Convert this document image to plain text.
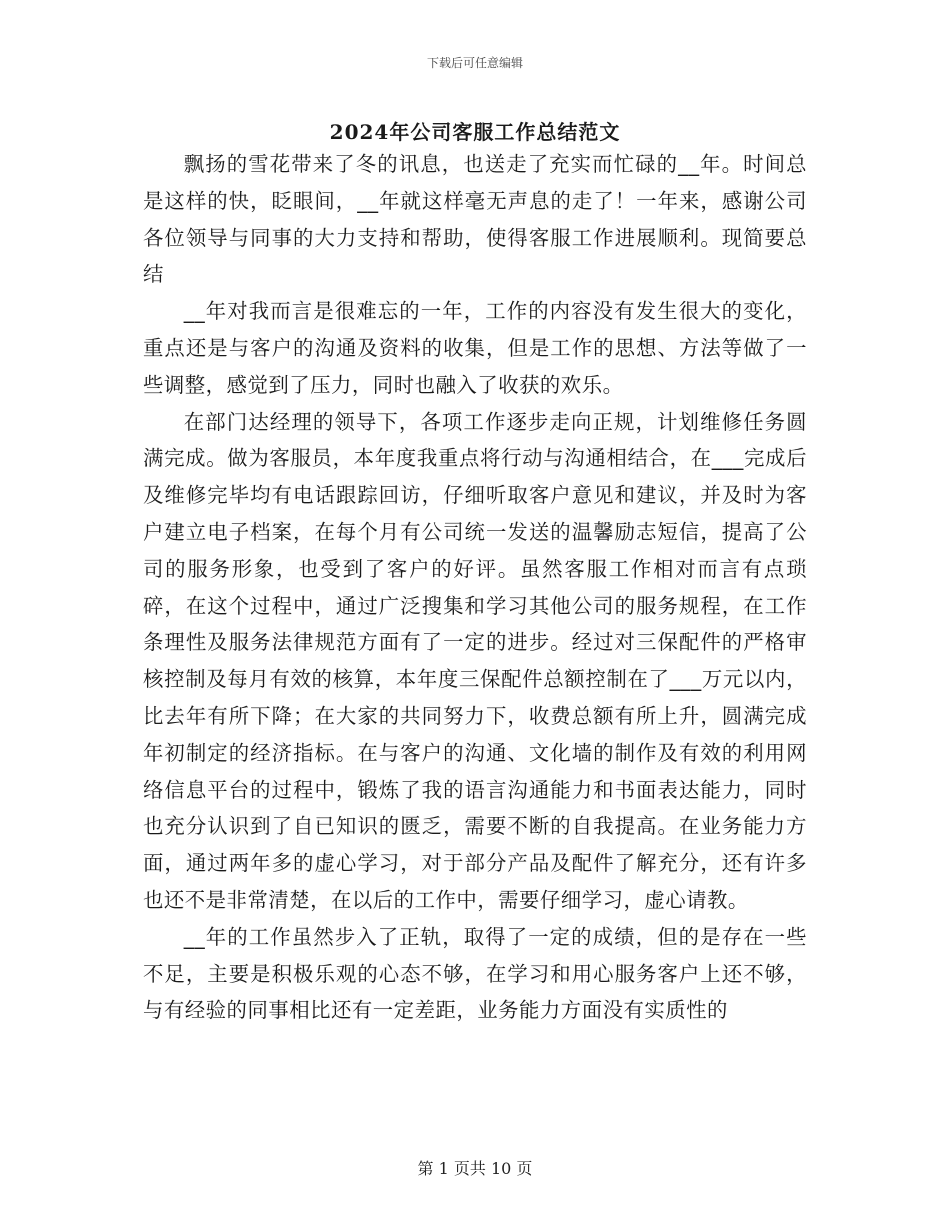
下载后可任意编辑
2024年公司客服工作总结范文

飘扬的雪花带来了冬的讯息，也送走了充实而忙碌的__年。时间总是这样的快，眨眼间，__年就这样毫无声息的走了！一年来，感谢公司各位领导与同事的大力支持和帮助，使得客服工作进展顺利。现简要总结

__年对我而言是很难忘的一年，工作的内容没有发生很大的变化，重点还是与客户的沟通及资料的收集，但是工作的思想、方法等做了一些调整，感觉到了压力，同时也融入了收获的欢乐。

在部门达经理的领导下，各项工作逐步走向正规，计划维修任务圆满完成。做为客服员，本年度我重点将行动与沟通相结合，在___完成后及维修完毕均有电话跟踪回访，仔细听取客户意见和建议，并及时为客户建立电子档案，在每个月有公司统一发送的温馨励志短信，提高了公司的服务形象，也受到了客户的好评。虽然客服工作相对而言有点琐碎，在这个过程中，通过广泛搜集和学习其他公司的服务规程，在工作条理性及服务法律规范方面有了一定的进步。经过对三保配件的严格审核控制及每月有效的核算，本年度三保配件总额控制在了___万元以内，比去年有所下降；在大家的共同努力下，收费总额有所上升，圆满完成年初制定的经济指标。在与客户的沟通、文化墙的制作及有效的利用网络信息平台的过程中，锻炼了我的语言沟通能力和书面表达能力，同时也充分认识到了自已知识的匮乏，需要不断的自我提高。在业务能力方面，通过两年多的虚心学习，对于部分产品及配件了解充分，还有许多也还不是非常清楚，在以后的工作中，需要仔细学习，虚心请教。

__年的工作虽然步入了正轨，取得了一定的成绩，但的是存在一些不足，主要是积极乐观的心态不够，在学习和用心服务客户上还不够，与有经验的同事相比还有一定差距，业务能力方面没有实质性的

第 1 页共 10 页
